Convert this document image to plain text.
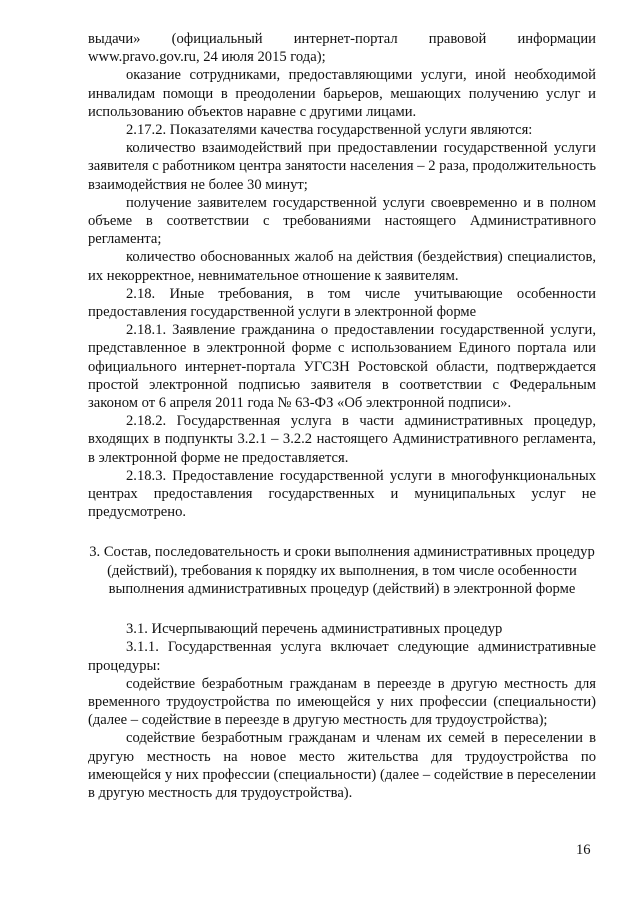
выдачи» (официальный интернет-портал правовой информации www.pravo.gov.ru, 24 июля 2015 года);

оказание сотрудниками, предоставляющими услуги, иной необходимой инвалидам помощи в преодолении барьеров, мешающих получению услуг и использованию объектов наравне с другими лицами.

2.17.2. Показателями качества государственной услуги являются:

количество взаимодействий при предоставлении государственной услуги заявителя с работником центра занятости населения – 2 раза, продолжительность взаимодействия не более 30 минут;

получение заявителем государственной услуги своевременно и в полном объеме в соответствии с требованиями настоящего Административного регламента;

количество обоснованных жалоб на действия (бездействия) специалистов, их некорректное, невнимательное отношение к заявителям.

2.18. Иные требования, в том числе учитывающие особенности предоставления государственной услуги в электронной форме

2.18.1. Заявление гражданина о предоставлении государственной услуги, представленное в электронной форме с использованием Единого портала или официального интернет-портала УГСЗН Ростовской области, подтверждается простой электронной подписью заявителя в соответствии с Федеральным законом от 6 апреля 2011 года № 63-ФЗ «Об электронной подписи».

2.18.2. Государственная услуга в части административных процедур, входящих в подпункты 3.2.1 – 3.2.2 настоящего Административного регламента, в электронной форме не предоставляется.

2.18.3. Предоставление государственной услуги в многофункциональных центрах предоставления государственных и муниципальных услуг не предусмотрено.

3. Состав, последовательность и сроки выполнения административных процедур (действий), требования к порядку их выполнения, в том числе особенности выполнения административных процедур (действий) в электронной форме

3.1. Исчерпывающий перечень административных процедур

3.1.1. Государственная услуга включает следующие административные процедуры:

содействие безработным гражданам в переезде в другую местность для временного трудоустройства по имеющейся у них профессии (специальности) (далее – содействие в переезде в другую местность для трудоустройства);

содействие безработным гражданам и членам их семей в переселении в другую местность на новое место жительства для трудоустройства по имеющейся у них профессии (специальности) (далее – содействие в переселении в другую местность для трудоустройства).

16
